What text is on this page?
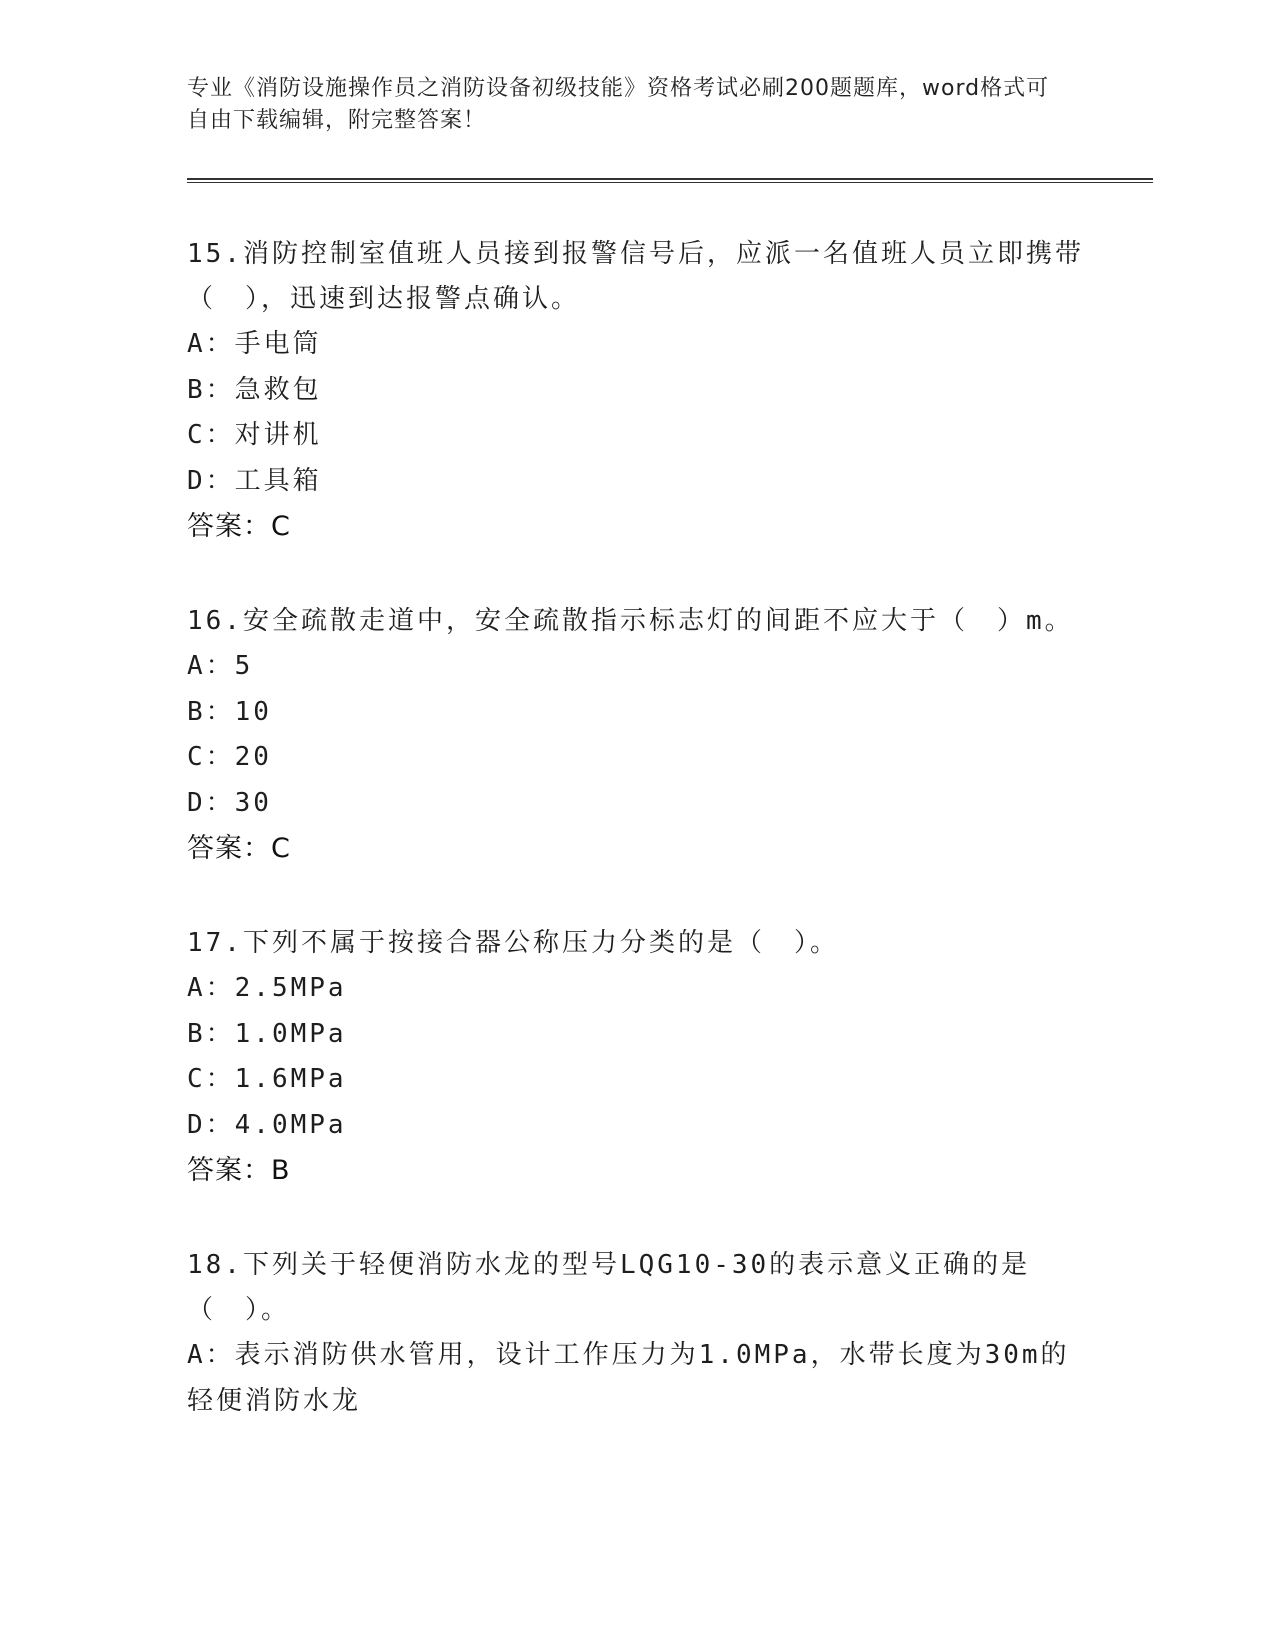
专业《消防设施操作员之消防设备初级技能》资格考试必刷200题题库，word格式可自由下载编辑，附完整答案！
15.消防控制室值班人员接到报警信号后，应派一名值班人员立即携带（　），迅速到达报警点确认。
A：手电筒
B：急救包
C：对讲机
D：工具箱
答案：C
16.安全疏散走道中，安全疏散指示标志灯的间距不应大于（　）m。
A：5
B：10
C：20
D：30
答案：C
17.下列不属于按接合器公称压力分类的是（　）。
A：2.5MPa
B：1.0MPa
C：1.6MPa
D：4.0MPa
答案：B
18.下列关于轻便消防水龙的型号LQG10-30的表示意义正确的是（　）。
A：表示消防供水管用，设计工作压力为1.0MPa，水带长度为30m的轻便消防水龙
